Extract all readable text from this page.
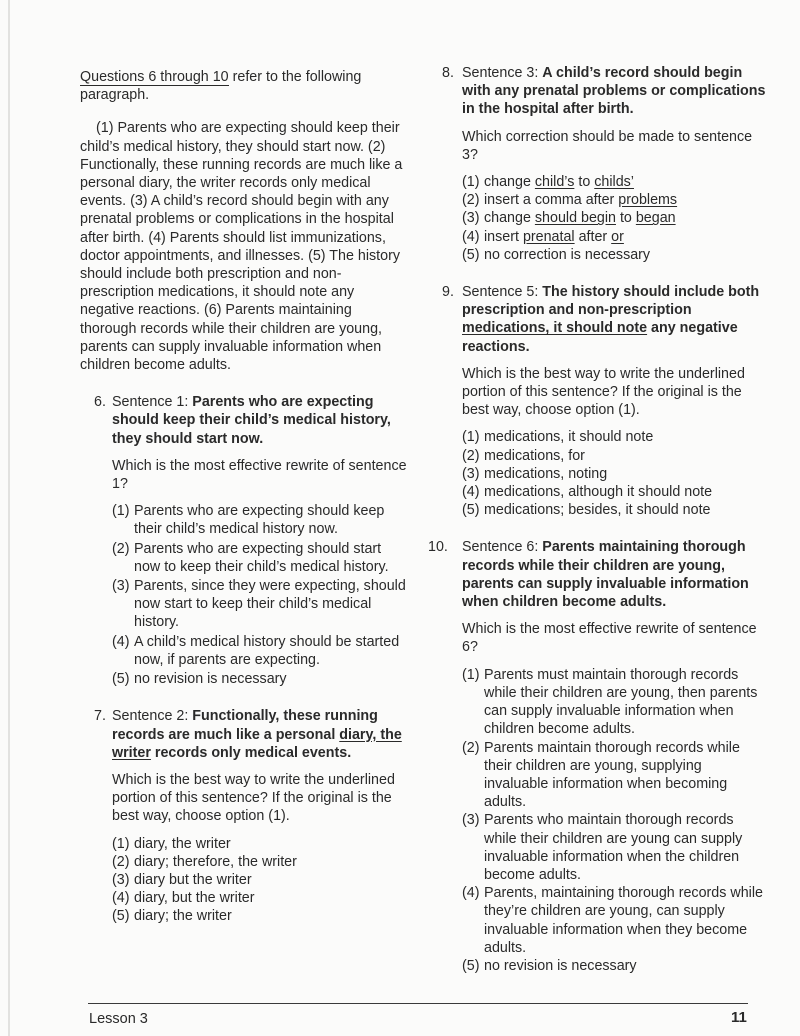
Questions 6 through 10 refer to the following paragraph.

(1) Parents who are expecting should keep their child’s medical history, they should start now. (2) Functionally, these running records are much like a personal diary, the writer records only medical events. (3) A child’s record should begin with any prenatal problems or complications in the hospital after birth. (4) Parents should list immunizations, doctor appointments, and illnesses. (5) The history should include both prescription and non-prescription medications, it should note any negative reactions. (6) Parents maintaining thorough records while their children are young, parents can supply invaluable information when children become adults.

6. Sentence 1: Parents who are expecting should keep their child’s medical history, they should start now.

Which is the most effective rewrite of sentence 1?

(1) Parents who are expecting should keep their child’s medical history now.
(2) Parents who are expecting should start now to keep their child’s medical history.
(3) Parents, since they were expecting, should now start to keep their child’s medical history.
(4) A child’s medical history should be started now, if parents are expecting.
(5) no revision is necessary
7. Sentence 2: Functionally, these running records are much like a personal diary, the writer records only medical events.

Which is the best way to write the underlined portion of this sentence? If the original is the best way, choose option (1).

(1) diary, the writer
(2) diary; therefore, the writer
(3) diary but the writer
(4) diary, but the writer
(5) diary; the writer
8. Sentence 3: A child’s record should begin with any prenatal problems or complications in the hospital after birth.

Which correction should be made to sentence 3?

(1) change child’s to childs’
(2) insert a comma after problems
(3) change should begin to began
(4) insert prenatal after or
(5) no correction is necessary
9. Sentence 5: The history should include both prescription and non-prescription medications, it should note any negative reactions.

Which is the best way to write the underlined portion of this sentence? If the original is the best way, choose option (1).

(1) medications, it should note
(2) medications, for
(3) medications, noting
(4) medications, although it should note
(5) medications; besides, it should note
10. Sentence 6: Parents maintaining thorough records while their children are young, parents can supply invaluable information when children become adults.

Which is the most effective rewrite of sentence 6?

(1) Parents must maintain thorough records while their children are young, then parents can supply invaluable information when children become adults.
(2) Parents maintain thorough records while their children are young, supplying invaluable information when becoming adults.
(3) Parents who maintain thorough records while their children are young can supply invaluable information when the children become adults.
(4) Parents, maintaining thorough records while they’re children are young, can supply invaluable information when they become adults.
(5) no revision is necessary
Lesson 3	11
